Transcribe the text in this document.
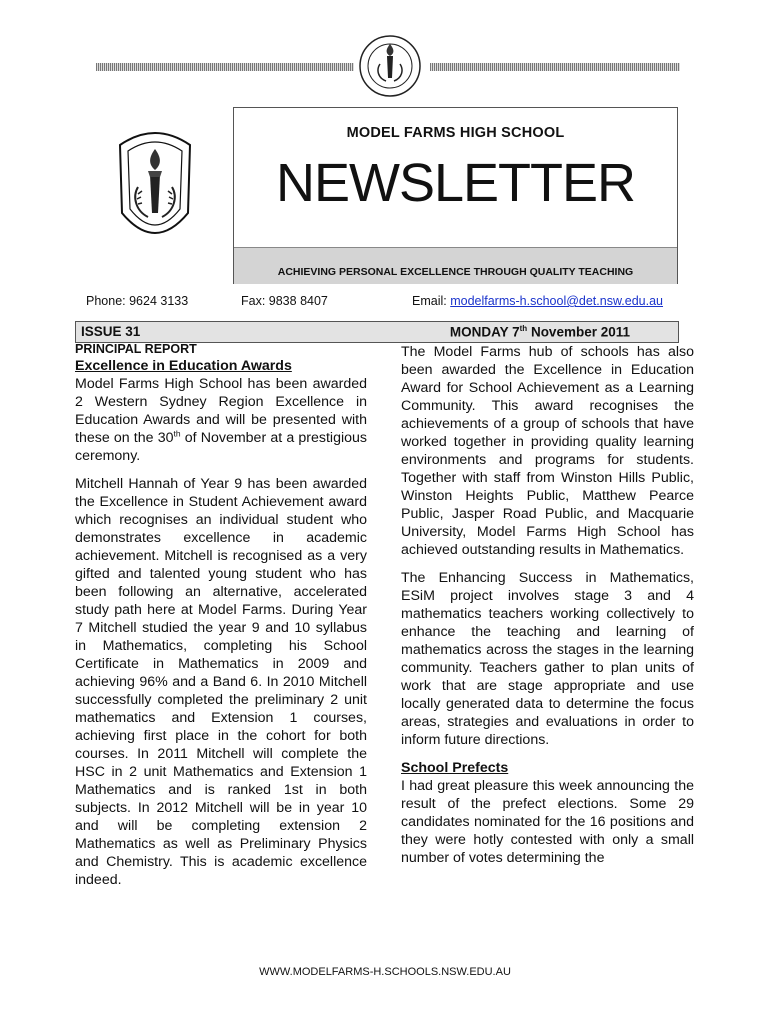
MODEL FARMS HIGH SCHOOL
NEWSLETTER
ACHIEVING PERSONAL EXCELLENCE THROUGH QUALITY TEACHING
Phone: 9624 3133	Fax: 9838 8407	Email: modelfarms-h.school@det.nsw.edu.au
ISSUE 31	MONDAY 7th November 2011
PRINCIPAL REPORT
Excellence in Education Awards

Model Farms High School has been awarded 2 Western Sydney Region Excellence in Education Awards and will be presented with these on the 30th of November at a prestigious ceremony.

Mitchell Hannah of Year 9 has been awarded the Excellence in Student Achievement award which recognises an individual student who demonstrates excellence in academic achievement. Mitchell is recognised as a very gifted and talented young student who has been following an alternative, accelerated study path here at Model Farms. During Year 7 Mitchell studied the year 9 and 10 syllabus in Mathematics, completing his School Certificate in Mathematics in 2009 and achieving 96% and a Band 6. In 2010 Mitchell successfully completed the preliminary 2 unit mathematics and Extension 1 courses, achieving first place in the cohort for both courses. In 2011 Mitchell will complete the HSC in 2 unit Mathematics and Extension 1 Mathematics and is ranked 1st in both subjects. In 2012 Mitchell will be in year 10 and will be completing extension 2 Mathematics as well as Preliminary Physics and Chemistry. This is academic excellence indeed.

The Model Farms hub of schools has also been awarded the Excellence in Education Award for School Achievement as a Learning Community. This award recognises the achievements of a group of schools that have worked together in providing quality learning environments and programs for students. Together with staff from Winston Hills Public, Winston Heights Public, Matthew Pearce Public, Jasper Road Public, and Macquarie University, Model Farms High School has achieved outstanding results in Mathematics.

The Enhancing Success in Mathematics, ESiM project involves stage 3 and 4 mathematics teachers working collectively to enhance the teaching and learning of mathematics across the stages in the learning community. Teachers gather to plan units of work that are stage appropriate and use locally generated data to determine the focus areas, strategies and evaluations in order to inform future directions.

School Prefects

I had great pleasure this week announcing the result of the prefect elections. Some 29 candidates nominated for the 16 positions and they were hotly contested with only a small number of votes determining the

WWW.MODELFARMS-H.SCHOOLS.NSW.EDU.AU
